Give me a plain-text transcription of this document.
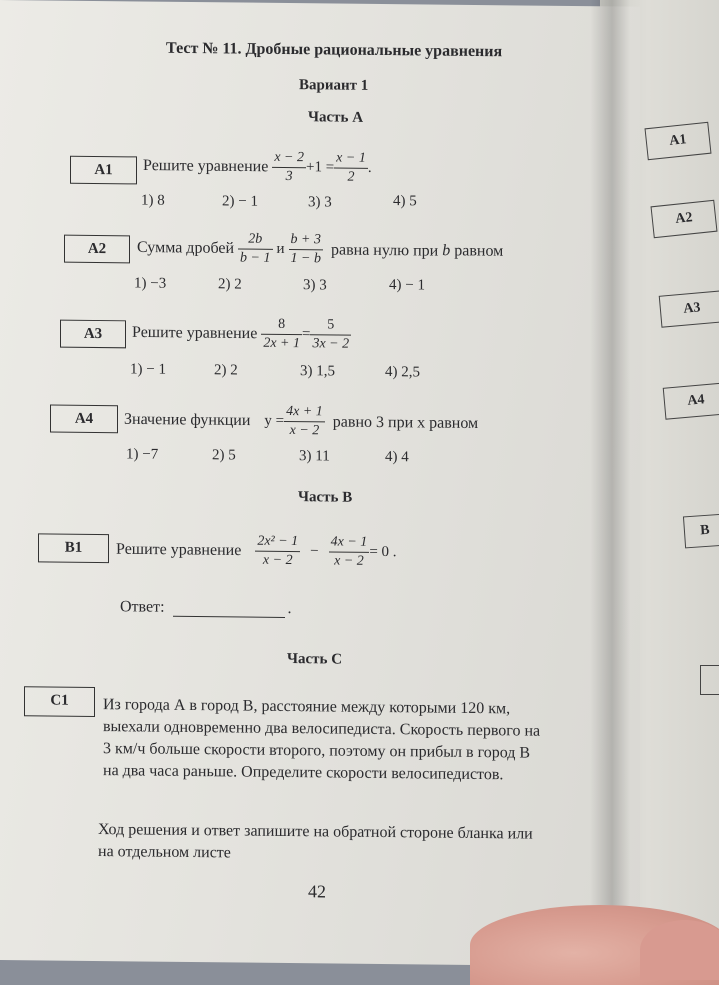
А1
А2
А3
А4
В
Тест № 11. Дробные рациональные уравнения
Вариант 1
Часть А
А1	Решите уравнение $\frac{x - 2}{3} +1 = \frac{x - 1}{2}$ .
1) 8	2) − 1	3) 3	4) 5
А2	Сумма дробей $\frac{2b}{b - 1}$ и $\frac{b + 3}{1 - b}$ равна нулю при b равном
1) −3	2) 2	3) 3	4) − 1
А3	Решите уравнение $\frac{8}{2x + 1} = \frac{5}{3x - 2}$
1) − 1	2) 2	3) 1,5	4) 2,5
А4	Значение функции $y = \frac{4x + 1}{x - 2}$ равно 3 при x равном
1) −7	2) 5	3) 11	4) 4
Часть В
В1	Решите уравнение $\frac{\text{2x² − 1}}{x - 2} - \frac{4x - 1}{x - 2} = 0$ .
Ответ:	.
Часть С
С1	Из города А в город В, расстояние между которыми 120 км,
выехали одновременно два велосипедиста. Скорость первого на
3 км/ч больше скорости второго, поэтому он прибыл в город В
на два часа раньше. Определите скорости велосипедистов.
Ход решения и ответ запишите на обратной стороне бланка или
на отдельном листе
42
